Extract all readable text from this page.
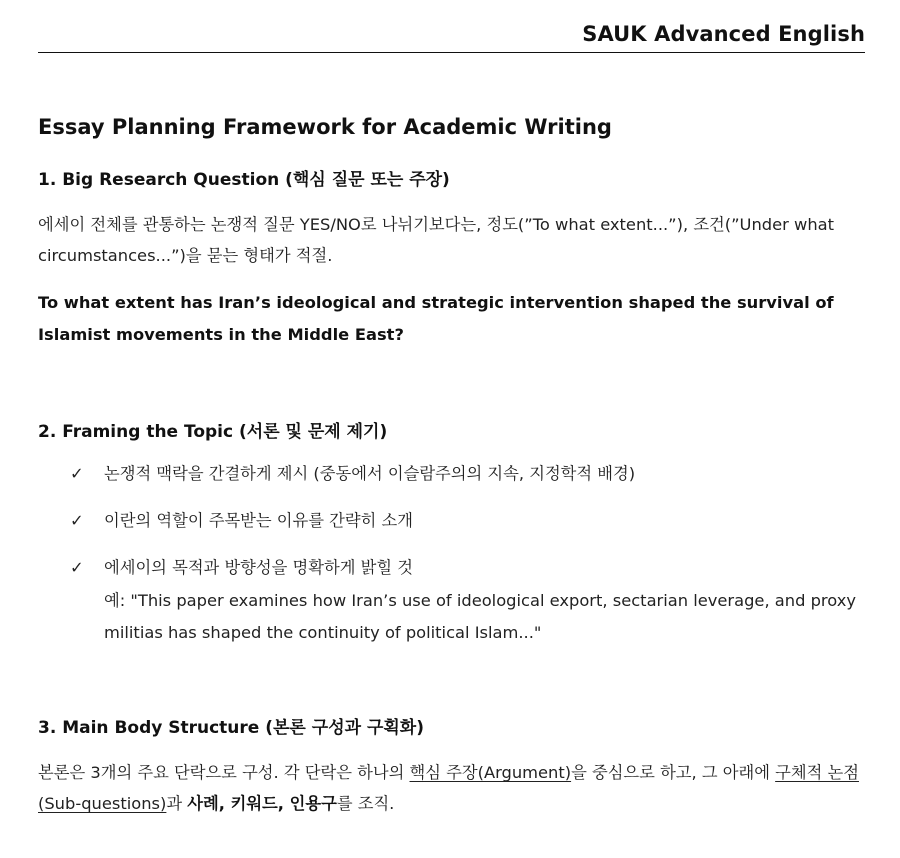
SAUK Advanced English
Essay Planning Framework for Academic Writing
1. Big Research Question (핵심 질문 또는 주장)
에세이 전체를 관통하는 논쟁적 질문 YES/NO로 나뉘기보다는, 정도(”To what extent...”), 조건(”Under what circumstances...”)을 묻는 형태가 적절.
To what extent has Iran’s ideological and strategic intervention shaped the survival of Islamist movements in the Middle East?
2. Framing the Topic (서론 및 문제 제기)
✓ 논쟁적 맥락을 간결하게 제시 (중동에서 이슬람주의의 지속, 지정학적 배경)
✓ 이란의 역할이 주목받는 이유를 간략히 소개
✓ 에세이의 목적과 방향성을 명확하게 밝힐 것
예: "This paper examines how Iran’s use of ideological export, sectarian leverage, and proxy militias has shaped the continuity of political Islam..."
3. Main Body Structure (본론 구성과 구획화)
본론은 3개의 주요 단락으로 구성. 각 단락은 하나의 핵심 주장(Argument)을 중심으로 하고, 그 아래에 구체적 논점(Sub-questions)과 사례, 키워드, 인용구를 조직.
